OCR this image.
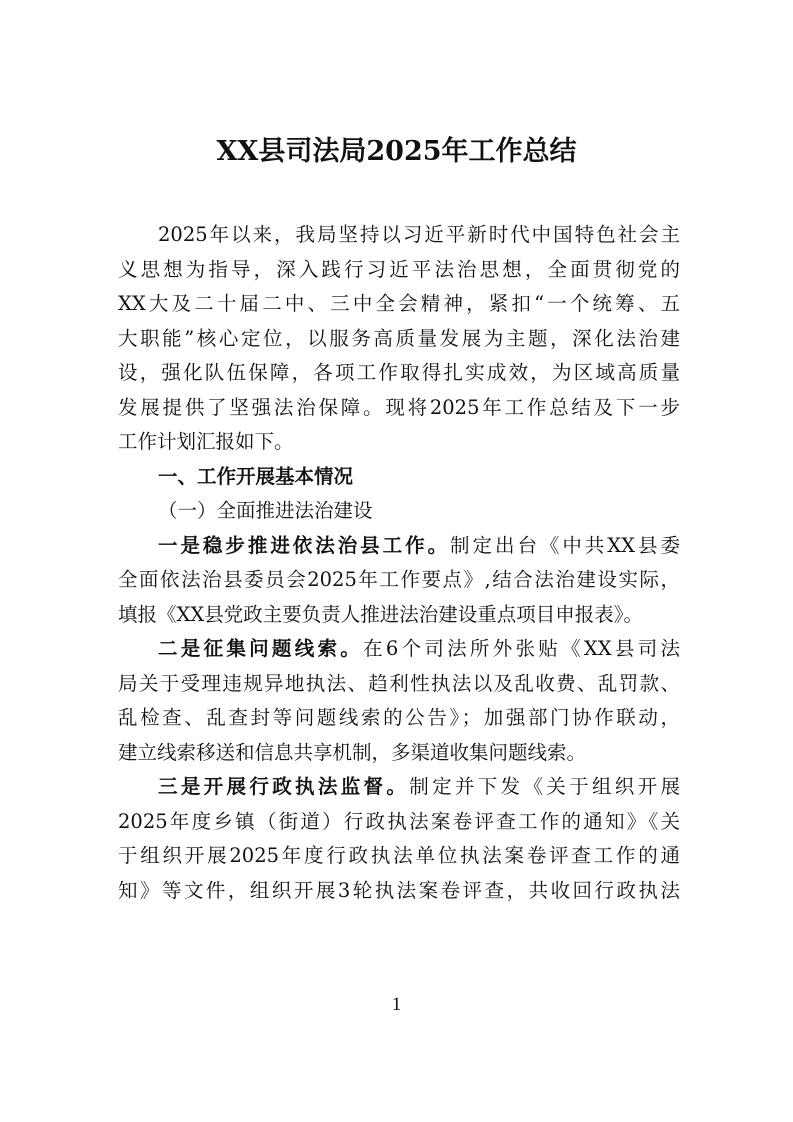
XX县司法局2025年工作总结
2025年以来，我局坚持以习近平新时代中国特色社会主
义思想为指导，深入践行习近平法治思想，全面贯彻党的
XX大及二十届二中、三中全会精神，紧扣“一个统筹、五
大职能”核心定位，以服务高质量发展为主题，深化法治建
设，强化队伍保障，各项工作取得扎实成效，为区域高质量
发展提供了坚强法治保障。现将2025年工作总结及下一步
工作计划汇报如下。
一、工作开展基本情况
（一）全面推进法治建设
一是稳步推进依法治县工作。制定出台《中共XX县委
全面依法治县委员会2025年工作要点》,结合法治建设实际，
填报《XX县党政主要负责人推进法治建设重点项目申报表》。
二是征集问题线索。在6个司法所外张贴《XX县司法
局关于受理违规异地执法、趋利性执法以及乱收费、乱罚款、
乱检查、乱查封等问题线索的公告》；加强部门协作联动，
建立线索移送和信息共享机制，多渠道收集问题线索。
三是开展行政执法监督。制定并下发《关于组织开展
2025年度乡镇（街道）行政执法案卷评查工作的通知》《关
于组织开展2025年度行政执法单位执法案卷评查工作的通
知》等文件，组织开展3轮执法案卷评查，共收回行政执法
1
